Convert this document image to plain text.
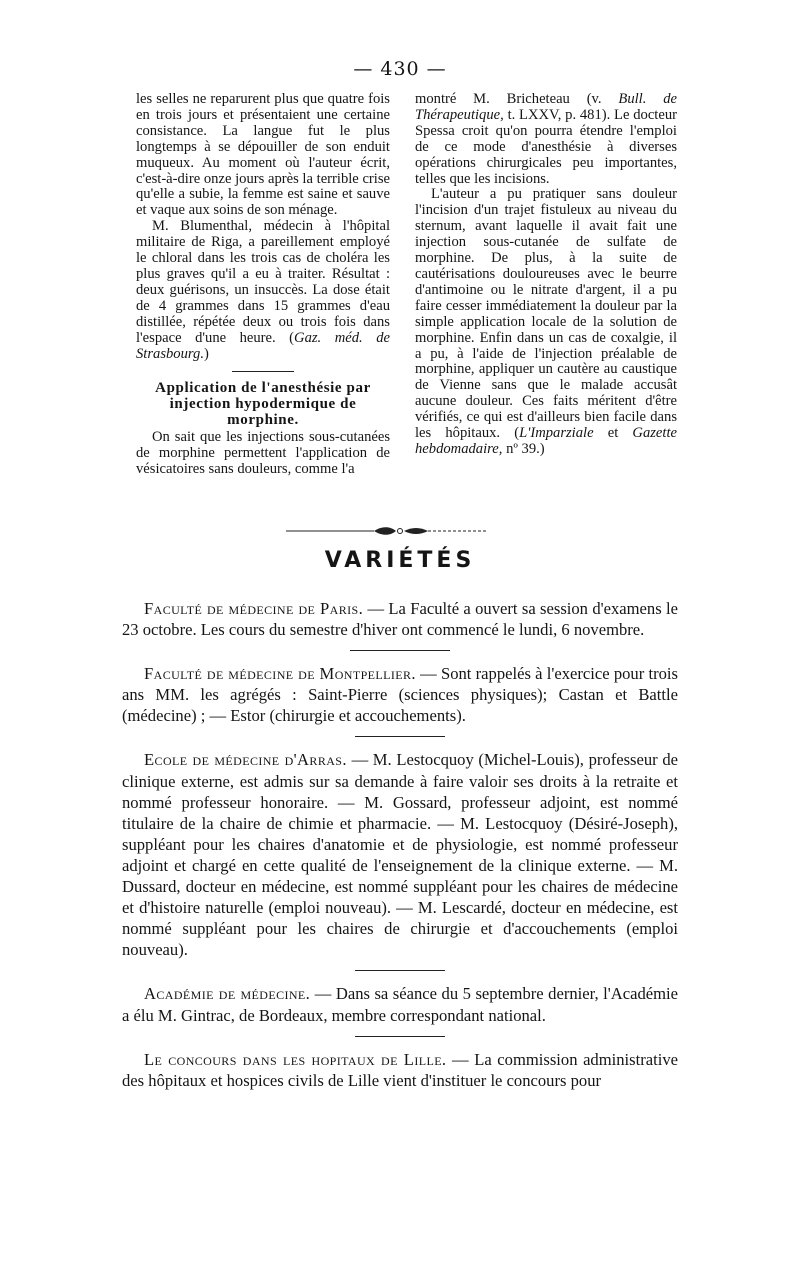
— 430 —

les selles ne reparurent plus que quatre fois en trois jours et présentaient une certaine consistance. La langue fut le plus longtemps à se dépouiller de son enduit muqueux. Au moment où l'auteur écrit, c'est-à-dire onze jours après la terrible crise qu'elle a subie, la femme est saine et sauve et vaque aux soins de son ménage.

M. Blumenthal, médecin à l'hôpital militaire de Riga, a pareillement employé le chloral dans les trois cas de choléra les plus graves qu'il a eu à traiter. Résultat : deux guérisons, un insuccès. La dose était de 4 grammes dans 15 grammes d'eau distillée, répétée deux ou trois fois dans l'espace d'une heure. (Gaz. méd. de Strasbourg.)

Application de l'anesthésie par injection hypodermique de morphine.

On sait que les injections sous-cutanées de morphine permettent l'application de vésicatoires sans douleurs, comme l'a

montré M. Bricheteau (v. Bull. de Thérapeutique, t. LXXV, p. 481). Le docteur Spessa croit qu'on pourra étendre l'emploi de ce mode d'anesthésie à diverses opérations chirurgicales peu importantes, telles que les incisions.

L'auteur a pu pratiquer sans douleur l'incision d'un trajet fistuleux au niveau du sternum, avant laquelle il avait fait une injection sous-cutanée de sulfate de morphine. De plus, à la suite de cautérisations douloureuses avec le beurre d'antimoine ou le nitrate d'argent, il a pu faire cesser immédiatement la douleur par la simple application locale de la solution de morphine. Enfin dans un cas de coxalgie, il a pu, à l'aide de l'injection préalable de morphine, appliquer un cautère au caustique de Vienne sans que le malade accusât aucune douleur. Ces faits méritent d'être vérifiés, ce qui est d'ailleurs bien facile dans les hôpitaux. (L'Imparziale et Gazette hebdomadaire, nº 39.)

VARIÉTÉS

Faculté de médecine de Paris. — La Faculté a ouvert sa session d'examens le 23 octobre. Les cours du semestre d'hiver ont commencé le lundi, 6 novembre.

Faculté de médecine de Montpellier. — Sont rappelés à l'exercice pour trois ans MM. les agrégés : Saint-Pierre (sciences physiques); Castan et Battle (médecine) ; — Estor (chirurgie et accouchements).

Ecole de médecine d'Arras. — M. Lestocquoy (Michel-Louis), professeur de clinique externe, est admis sur sa demande à faire valoir ses droits à la retraite et nommé professeur honoraire. — M. Gossard, professeur adjoint, est nommé titulaire de la chaire de chimie et pharmacie. — M. Lestocquoy (Désiré-Joseph), suppléant pour les chaires d'anatomie et de physiologie, est nommé professeur adjoint et chargé en cette qualité de l'enseignement de la clinique externe. — M. Dussard, docteur en médecine, est nommé suppléant pour les chaires de médecine et d'histoire naturelle (emploi nouveau). — M. Lescardé, docteur en médecine, est nommé suppléant pour les chaires de chirurgie et d'accouchements (emploi nouveau).

Académie de médecine. — Dans sa séance du 5 septembre dernier, l'Académie a élu M. Gintrac, de Bordeaux, membre correspondant national.

Le concours dans les hopitaux de Lille. — La commission administrative des hôpitaux et hospices civils de Lille vient d'instituer le concours pour
